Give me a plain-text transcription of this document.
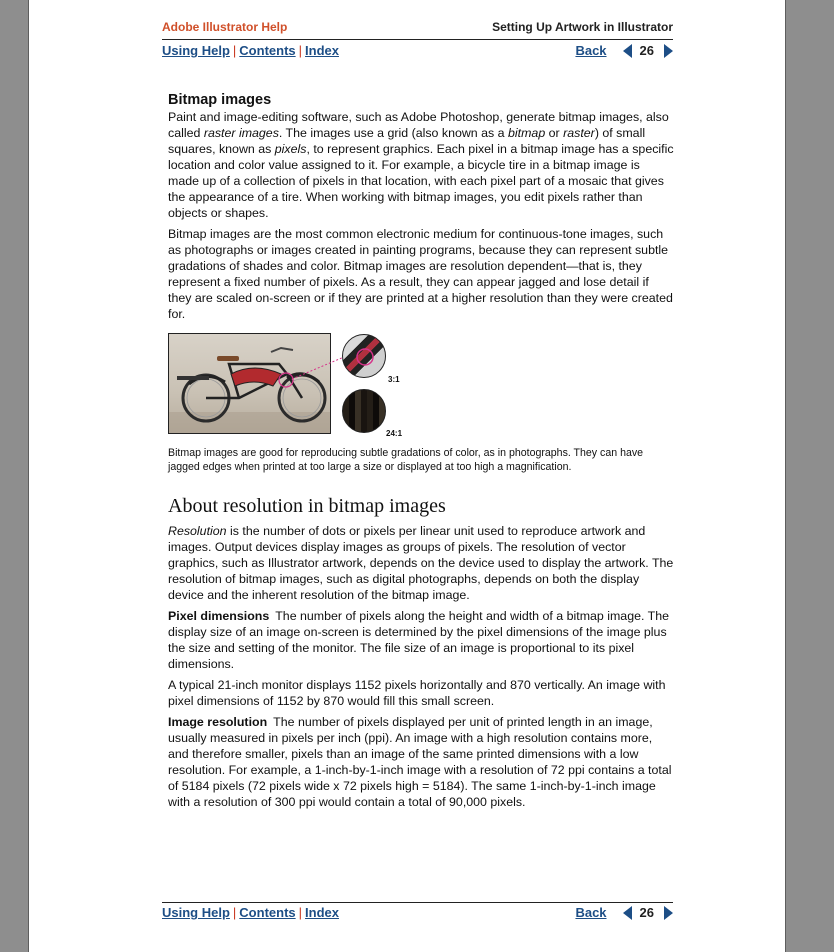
Adobe Illustrator Help	Setting Up Artwork in Illustrator
Using Help | Contents | Index	Back	26
Bitmap images

Paint and image-editing software, such as Adobe Photoshop, generate bitmap images, also called raster images. The images use a grid (also known as a bitmap or raster) of small squares, known as pixels, to represent graphics. Each pixel in a bitmap image has a specific location and color value assigned to it. For example, a bicycle tire in a bitmap image is made up of a collection of pixels in that location, with each pixel part of a mosaic that gives the appearance of a tire. When working with bitmap images, you edit pixels rather than objects or shapes.

Bitmap images are the most common electronic medium for continuous-tone images, such as photographs or images created in painting programs, because they can represent subtle gradations of shades and color. Bitmap images are resolution dependent—that is, they represent a fixed number of pixels. As a result, they can appear jagged and lose detail if they are scaled on-screen or if they are printed at a higher resolution than they were created for.

3:1
24:1

Bitmap images are good for reproducing subtle gradations of color, as in photographs. They can have jagged edges when printed at too large a size or displayed at too high a magnification.

About resolution in bitmap images

Resolution is the number of dots or pixels per linear unit used to reproduce artwork and images. Output devices display images as groups of pixels. The resolution of vector graphics, such as Illustrator artwork, depends on the device used to display the artwork. The resolution of bitmap images, such as digital photographs, depends on both the display device and the inherent resolution of the bitmap image.

Pixel dimensions The number of pixels along the height and width of a bitmap image. The display size of an image on-screen is determined by the pixel dimensions of the image plus the size and setting of the monitor. The file size of an image is proportional to its pixel dimensions.

A typical 21-inch monitor displays 1152 pixels horizontally and 870 vertically. An image with pixel dimensions of 1152 by 870 would fill this small screen.

Image resolution The number of pixels displayed per unit of printed length in an image, usually measured in pixels per inch (ppi). An image with a high resolution contains more, and therefore smaller, pixels than an image of the same printed dimensions with a low resolution. For example, a 1-inch-by-1-inch image with a resolution of 72 ppi contains a total of 5184 pixels (72 pixels wide x 72 pixels high = 5184). The same 1-inch-by-1-inch image with a resolution of 300 ppi would contain a total of 90,000 pixels.

Using Help | Contents | Index	Back	26
